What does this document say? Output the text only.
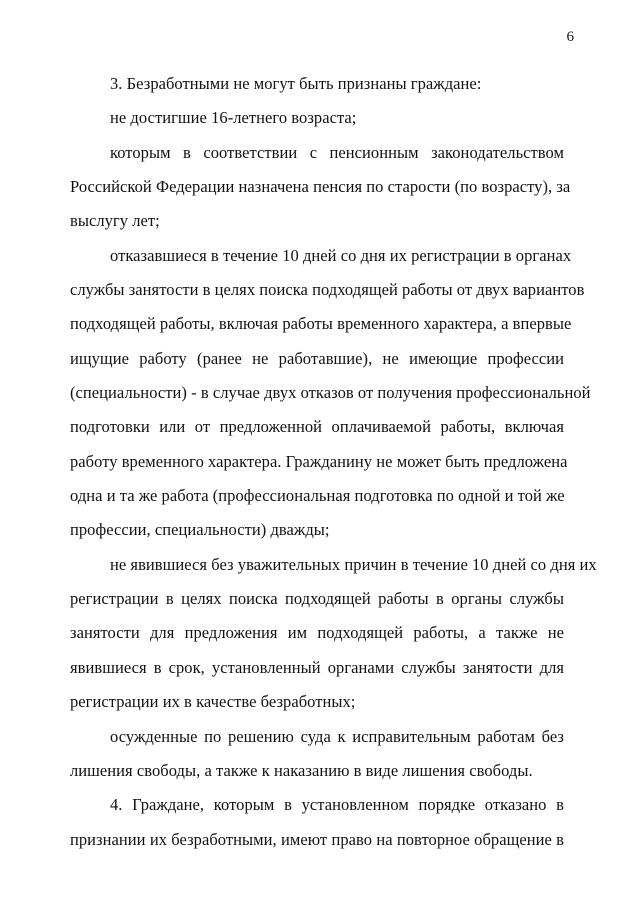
6
3. Безработными не могут быть признаны граждане:
не достигшие 16-летнего возраста;
которым в соответствии с пенсионным законодательством
Российской Федерации назначена пенсия по старости (по возрасту), за
выслугу лет;
отказавшиеся в течение 10 дней со дня их регистрации в органах
службы занятости в целях поиска подходящей работы от двух вариантов
подходящей работы, включая работы временного характера, а впервые
ищущие работу (ранее не работавшие), не имеющие профессии
(специальности) - в случае двух отказов от получения профессиональной
подготовки или от предложенной оплачиваемой работы, включая
работу временного характера. Гражданину не может быть предложена
одна и та же работа (профессиональная подготовка по одной и той же
профессии, специальности) дважды;
не явившиеся без уважительных причин в течение 10 дней со дня их
регистрации в целях поиска подходящей работы в органы службы
занятости для предложения им подходящей работы, а также не
явившиеся в срок, установленный органами службы занятости для
регистрации их в качестве безработных;
осужденные по решению суда к исправительным работам без
лишения свободы, а также к наказанию в виде лишения свободы.
4. Граждане, которым в установленном порядке отказано в
признании их безработными, имеют право на повторное обращение в
